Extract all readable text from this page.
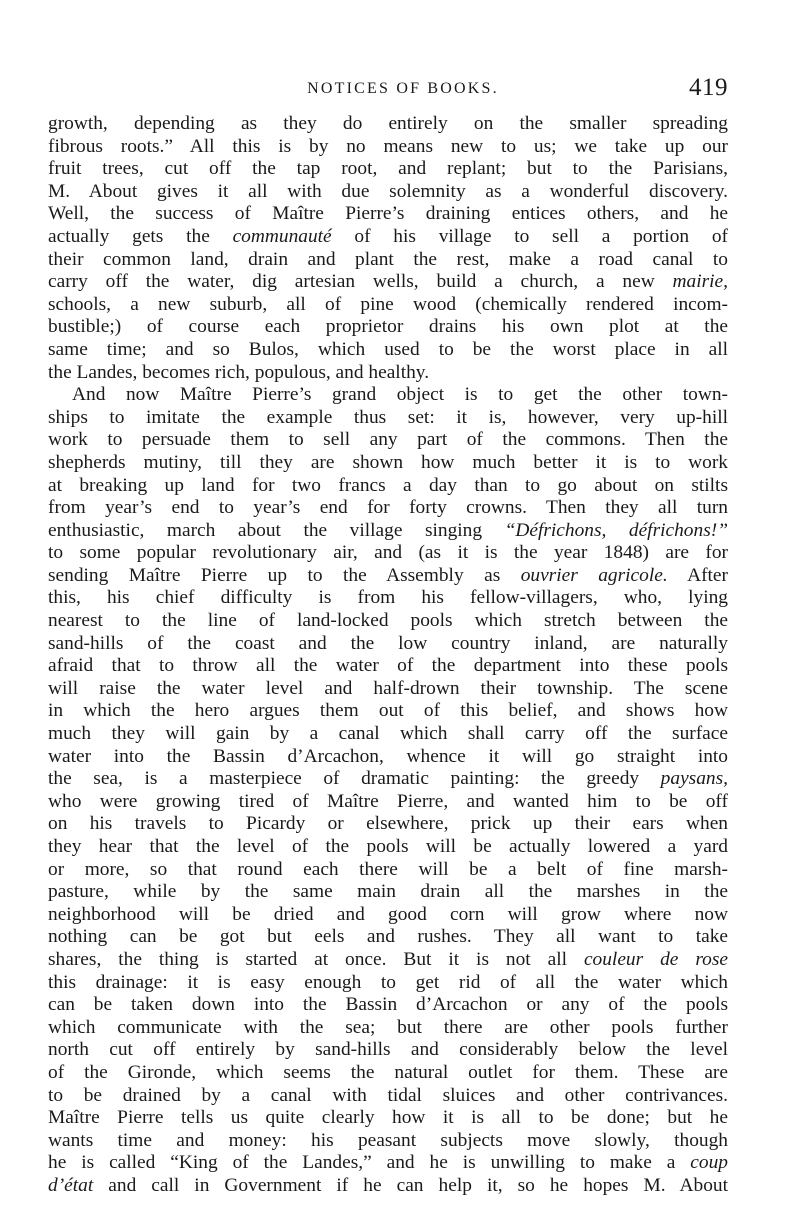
NOTICES OF BOOKS.	419
growth, depending as they do entirely on the smaller spreading
fibrous roots.” All this is by no means new to us; we take up our
fruit trees, cut off the tap root, and replant; but to the Parisians,
M. About gives it all with due solemnity as a wonderful discovery.
Well, the success of Maître Pierre’s draining entices others, and he
actually gets the communauté of his village to sell a portion of
their common land, drain and plant the rest, make a road canal to
carry off the water, dig artesian wells, build a church, a new mairie,
schools, a new suburb, all of pine wood (chemically rendered incom-
bustible;) of course each proprietor drains his own plot at the
same time; and so Bulos, which used to be the worst place in all
the Landes, becomes rich, populous, and healthy.
And now Maître Pierre’s grand object is to get the other town-
ships to imitate the example thus set: it is, however, very up-hill
work to persuade them to sell any part of the commons. Then the
shepherds mutiny, till they are shown how much better it is to work
at breaking up land for two francs a day than to go about on stilts
from year’s end to year’s end for forty crowns. Then they all turn
enthusiastic, march about the village singing “Défrichons, défrichons!”
to some popular revolutionary air, and (as it is the year 1848) are for
sending Maître Pierre up to the Assembly as ouvrier agricole. After
this, his chief difficulty is from his fellow-villagers, who, lying
nearest to the line of land-locked pools which stretch between the
sand-hills of the coast and the low country inland, are naturally
afraid that to throw all the water of the department into these pools
will raise the water level and half-drown their township. The scene
in which the hero argues them out of this belief, and shows how
much they will gain by a canal which shall carry off the surface
water into the Bassin d’Arcachon, whence it will go straight into
the sea, is a masterpiece of dramatic painting: the greedy paysans,
who were growing tired of Maître Pierre, and wanted him to be off
on his travels to Picardy or elsewhere, prick up their ears when
they hear that the level of the pools will be actually lowered a yard
or more, so that round each there will be a belt of fine marsh-
pasture, while by the same main drain all the marshes in the
neighborhood will be dried and good corn will grow where now
nothing can be got but eels and rushes. They all want to take
shares, the thing is started at once. But it is not all couleur de rose
this drainage: it is easy enough to get rid of all the water which
can be taken down into the Bassin d’Arcachon or any of the pools
which communicate with the sea; but there are other pools further
north cut off entirely by sand-hills and considerably below the level
of the Gironde, which seems the natural outlet for them. These are
to be drained by a canal with tidal sluices and other contrivances.
Maître Pierre tells us quite clearly how it is all to be done; but he
wants time and money: his peasant subjects move slowly, though
he is called “King of the Landes,” and he is unwilling to make a coup
d’état and call in Government if he can help it, so he hopes M. About
